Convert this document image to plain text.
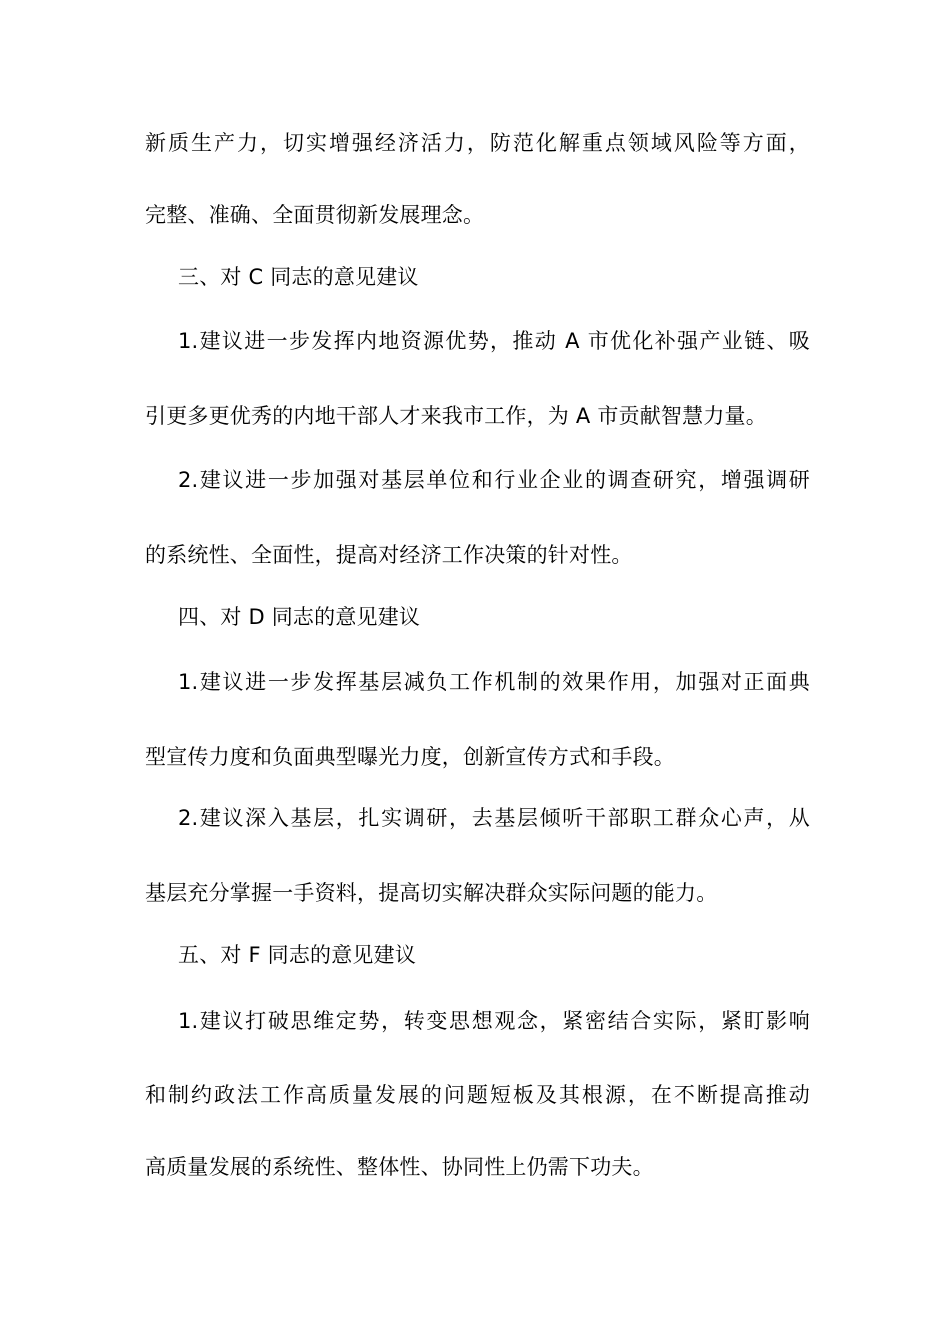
新质生产力，切实增强经济活力，防范化解重点领域风险等方面，
完整、准确、全面贯彻新发展理念。
三、对 C 同志的意见建议
1.建议进一步发挥内地资源优势，推动 A 市优化补强产业链、吸
引更多更优秀的内地干部人才来我市工作，为 A 市贡献智慧力量。
2.建议进一步加强对基层单位和行业企业的调查研究，增强调研
的系统性、全面性，提高对经济工作决策的针对性。
四、对 D 同志的意见建议
1.建议进一步发挥基层减负工作机制的效果作用，加强对正面典
型宣传力度和负面典型曝光力度，创新宣传方式和手段。
2.建议深入基层，扎实调研，去基层倾听干部职工群众心声，从
基层充分掌握一手资料，提高切实解决群众实际问题的能力。
五、对 F 同志的意见建议
1.建议打破思维定势，转变思想观念，紧密结合实际，紧盯影响
和制约政法工作高质量发展的问题短板及其根源，在不断提高推动
高质量发展的系统性、整体性、协同性上仍需下功夫。
